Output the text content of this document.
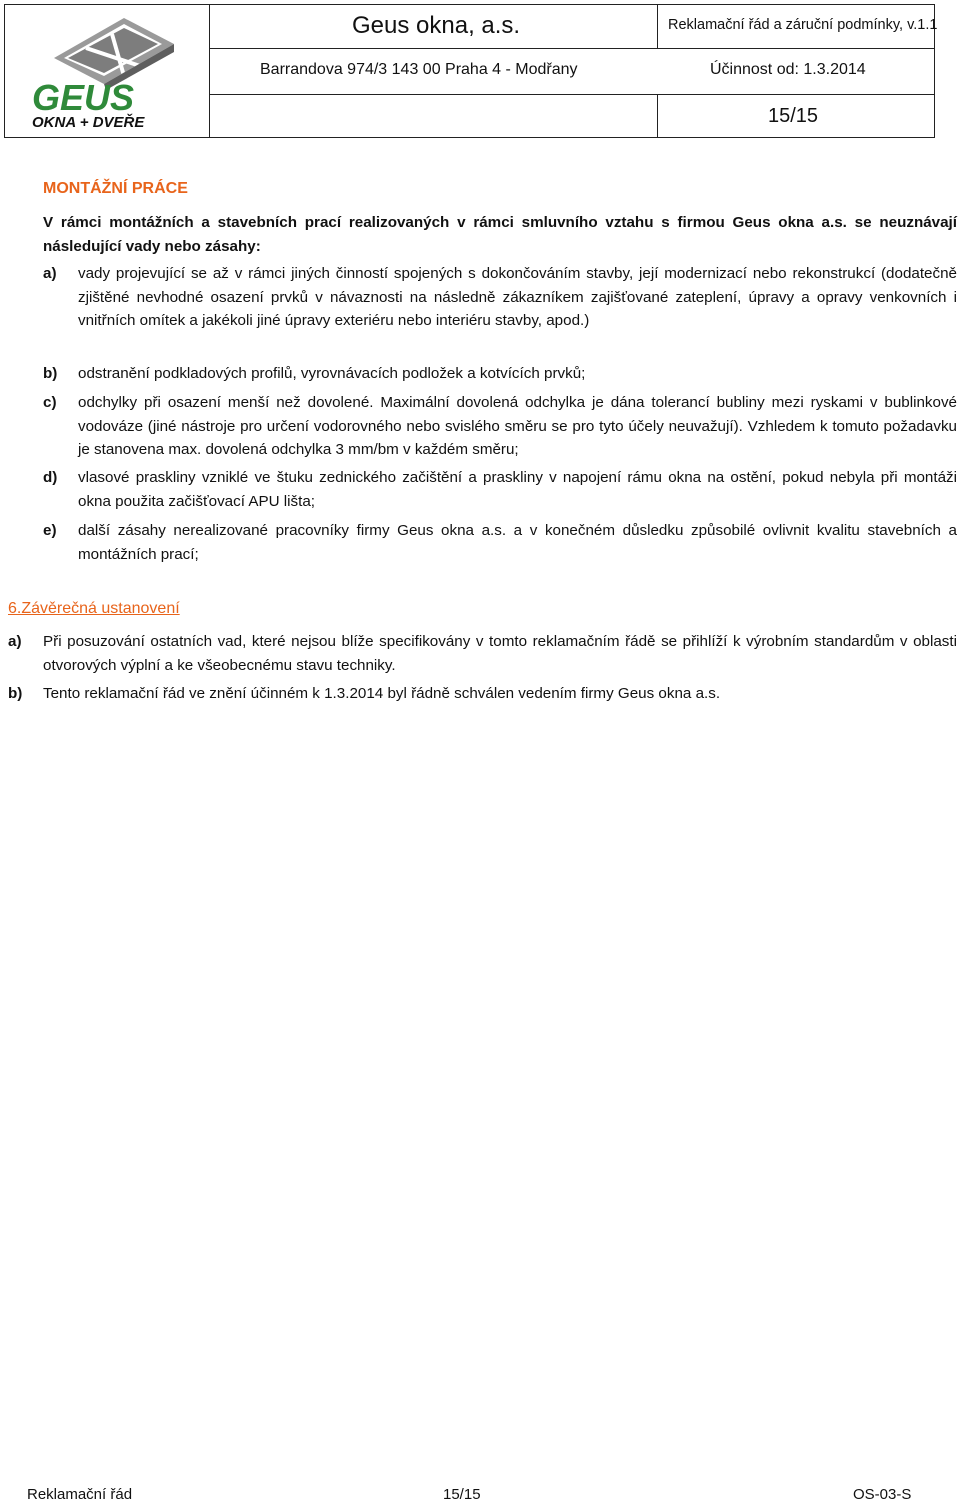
GEUS
OKNA + DVEŘE
Geus okna, a.s.	Reklamační řád a záruční podmínky, v.1.1
Barrandova 974/3 143 00 Praha 4 - Modřany	Účinnost od: 1.3.2014
15/15
MONTÁŽNÍ PRÁCE
V rámci montážních a stavebních prací realizovaných v rámci smluvního vztahu s firmou Geus okna a.s. se neuznávají následující vady nebo zásahy:
a) vady projevující se až v rámci jiných činností spojených s dokončováním stavby, její modernizací nebo rekonstrukcí (dodatečně zjištěné nevhodné osazení prvků v návaznosti na následně zákazníkem zajišťované zateplení, úpravy a opravy venkovních i vnitřních omítek a jakékoli jiné úpravy exteriéru nebo interiéru stavby, apod.)
b) odstranění podkladových profilů, vyrovnávacích podložek a kotvících prvků;
c) odchylky při osazení menší než dovolené. Maximální dovolená odchylka je dána tolerancí bubliny mezi ryskami v bublinkové vodováze (jiné nástroje pro určení vodorovného nebo svislého směru se pro tyto účely neuvažují). Vzhledem k tomuto požadavku je stanovena max. dovolená odchylka 3 mm/bm v každém směru;
d) vlasové praskliny vzniklé ve štuku zednického začištění a praskliny v napojení rámu okna na ostění, pokud nebyla při montáži okna použita začišťovací APU lišta;
e) další zásahy nerealizované pracovníky firmy Geus okna a.s. a v konečném důsledku způsobilé ovlivnit kvalitu stavebních a montážních prací;
6.Závěrečná ustanovení
a) Při posuzování ostatních vad, které nejsou blíže specifikovány v tomto reklamačním řádě se přihlíží k výrobním standardům v oblasti otvorových výplní a ke všeobecnému stavu techniky.
b) Tento reklamační řád ve znění účinném k 1.3.2014 byl řádně schválen vedením firmy Geus okna a.s.
Reklamační řád	15/15	OS-03-S
